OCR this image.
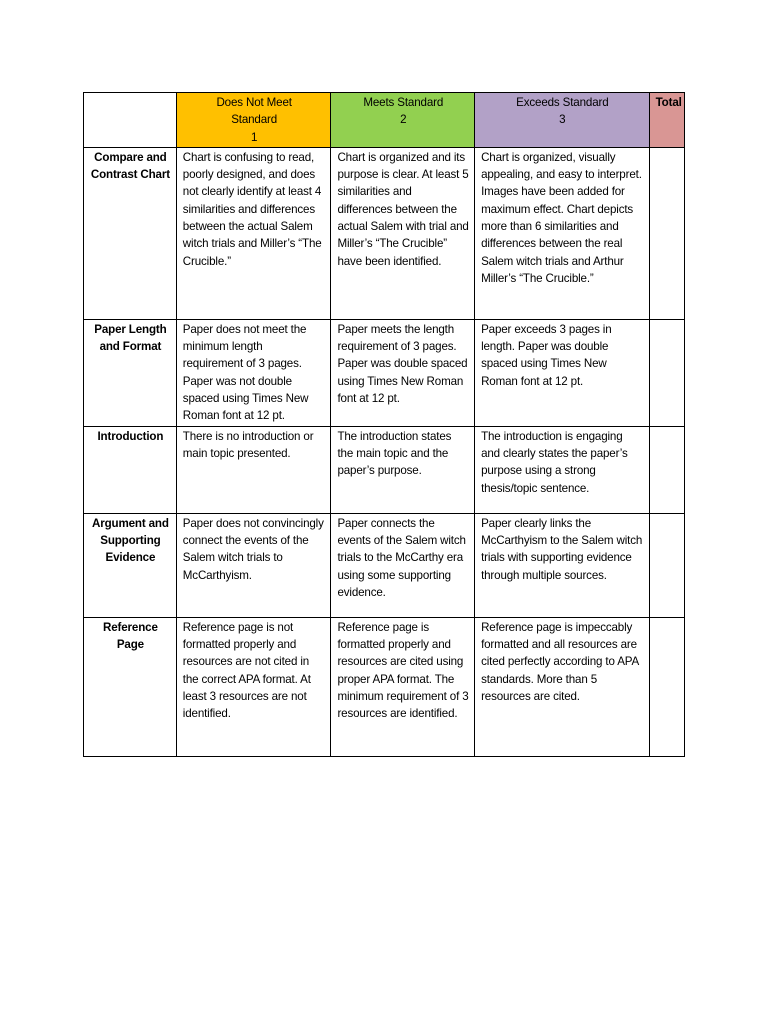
	Does Not Meet
Standard
1	Meets Standard
2	Exceeds Standard
3	Total
Compare and Contrast Chart	Chart is confusing to read, poorly designed, and does not clearly identify at least 4 similarities and differences between the actual Salem witch trials and Miller’s “The Crucible.”	Chart is organized and its purpose is clear. At least 5 similarities and differences between the actual Salem with trial and Miller’s “The Crucible” have been identified.	Chart is organized, visually appealing, and easy to interpret. Images have been added for maximum effect. Chart depicts more than 6 similarities and differences between the real Salem witch trials and Arthur Miller’s “The Crucible.”	
Paper Length and Format	Paper does not meet the minimum length requirement of 3 pages. Paper was not double spaced using Times New Roman font at 12 pt.	Paper meets the length requirement of 3 pages. Paper was double spaced using Times New Roman font at 12 pt.	Paper exceeds 3 pages in length. Paper was double spaced using Times New Roman font at 12 pt.	
Introduction	There is no introduction or main topic presented.	The introduction states the main topic and the paper’s purpose.	The introduction is engaging and clearly states the paper’s purpose using a strong thesis/topic sentence.	
Argument and Supporting Evidence	Paper does not convincingly connect the events of the Salem witch trials to McCarthyism.	Paper connects the events of the Salem witch trials to the McCarthy era using some supporting evidence.	Paper clearly links the McCarthyism to the Salem witch trials with supporting evidence through multiple sources.	
Reference Page	Reference page is not formatted properly and resources are not cited in the correct APA format. At least 3 resources are not identified.	Reference page is formatted properly and resources are cited using proper APA format. The minimum requirement of 3 resources are identified.	Reference page is impeccably formatted and all resources are cited perfectly according to APA standards. More than 5 resources are cited.	
